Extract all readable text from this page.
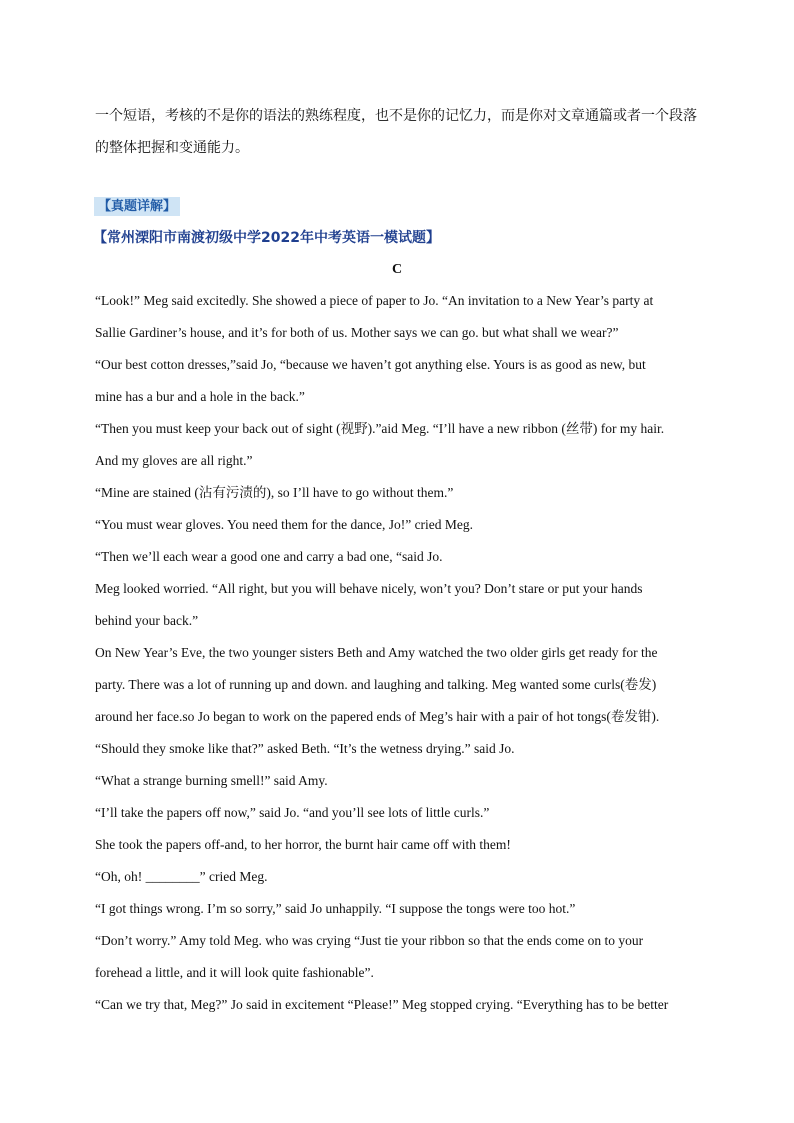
一个短语，考核的不是你的语法的熟练程度，也不是你的记忆力，而是你对文章通篇或者一个段落
的整体把握和变通能力。
【真题详解】
【常州溧阳市南渡初级中学2022年中考英语一模试题】
C
“Look!” Meg said excitedly. She showed a piece of paper to Jo. “An invitation to a New Year’s party at
Sallie Gardiner’s house, and it’s for both of us. Mother says we can go. but what shall we wear?”
“Our best cotton dresses,”said Jo, “because we haven’t got anything else. Yours is as good as new, but
mine has a bur and a hole in the back.”
“Then you must keep your back out of sight (视野).”aid Meg. “I’ll have a new ribbon (丝带) for my hair.
And my gloves are all right.”
“Mine are stained (沾有污渍的), so I’ll have to go without them.”
“You must wear gloves. You need them for the dance, Jo!” cried Meg.
“Then we’ll each wear a good one and carry a bad one, “said Jo.
Meg looked worried. “All right, but you will behave nicely, won’t you? Don’t stare or put your hands
behind your back.”
On New Year’s Eve, the two younger sisters Beth and Amy watched the two older girls get ready for the
party. There was a lot of running up and down. and laughing and talking. Meg wanted some curls(卷发)
around her face.so Jo began to work on the papered ends of Meg’s hair with a pair of hot tongs(卷发钳).
“Should they smoke like that?” asked Beth. “It’s the wetness drying.” said Jo.
“What a strange burning smell!” said Amy.
“I’ll take the papers off now,” said Jo. “and you’ll see lots of little curls.”
She took the papers off-and, to her horror, the burnt hair came off with them!
“Oh, oh! ________” cried Meg.
“I got things wrong. I’m so sorry,” said Jo unhappily. “I suppose the tongs were too hot.”
“Don’t worry.” Amy told Meg. who was crying “Just tie your ribbon so that the ends come on to your
forehead a little, and it will look quite fashionable”.
“Can we try that, Meg?” Jo said in excitement “Please!” Meg stopped crying. “Everything has to be better
